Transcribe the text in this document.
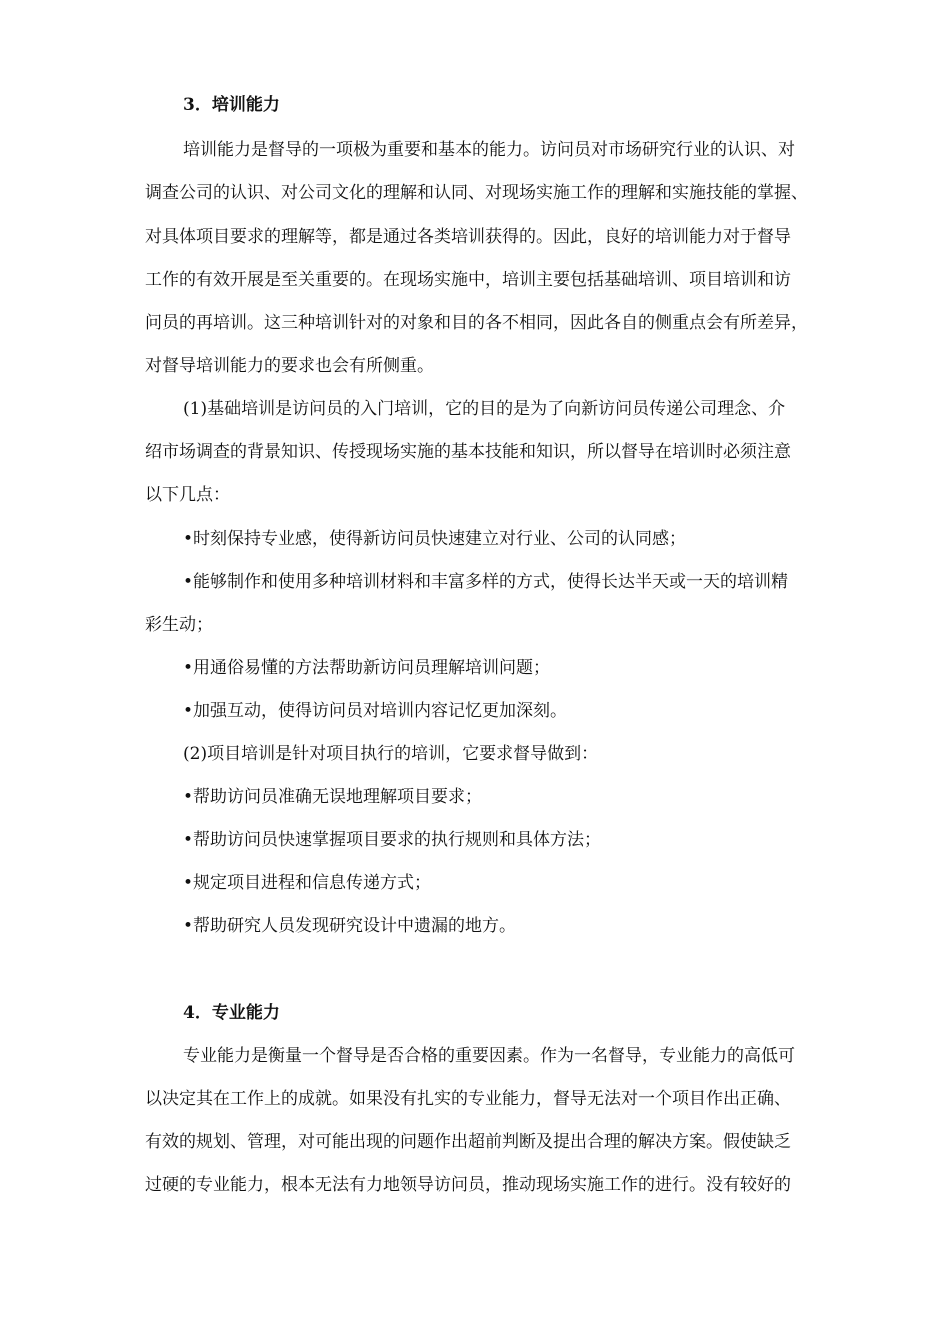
3．培训能力

培训能力是督导的一项极为重要和基本的能力。访问员对市场研究行业的认识、对

调查公司的认识、对公司文化的理解和认同、对现场实施工作的理解和实施技能的掌握、

对具体项目要求的理解等，都是通过各类培训获得的。因此，良好的培训能力对于督导

工作的有效开展是至关重要的。在现场实施中，培训主要包括基础培训、项目培训和访

问员的再培训。这三种培训针对的对象和目的各不相同，因此各自的侧重点会有所差异，

对督导培训能力的要求也会有所侧重。

(1)基础培训是访问员的入门培训，它的目的是为了向新访问员传递公司理念、介

绍市场调查的背景知识、传授现场实施的基本技能和知识，所以督导在培训时必须注意

以下几点：

•时刻保持专业感，使得新访问员快速建立对行业、公司的认同感；

•能够制作和使用多种培训材料和丰富多样的方式，使得长达半天或一天的培训精

彩生动；

•用通俗易懂的方法帮助新访问员理解培训问题；

•加强互动，使得访问员对培训内容记忆更加深刻。

(2)项目培训是针对项目执行的培训，它要求督导做到：

•帮助访问员准确无误地理解项目要求；

•帮助访问员快速掌握项目要求的执行规则和具体方法；

•规定项目进程和信息传递方式；

•帮助研究人员发现研究设计中遗漏的地方。

4．专业能力

专业能力是衡量一个督导是否合格的重要因素。作为一名督导，专业能力的高低可

以决定其在工作上的成就。如果没有扎实的专业能力，督导无法对一个项目作出正确、

有效的规划、管理，对可能出现的问题作出超前判断及提出合理的解决方案。假使缺乏

过硬的专业能力，根本无法有力地领导访问员，推动现场实施工作的进行。没有较好的
